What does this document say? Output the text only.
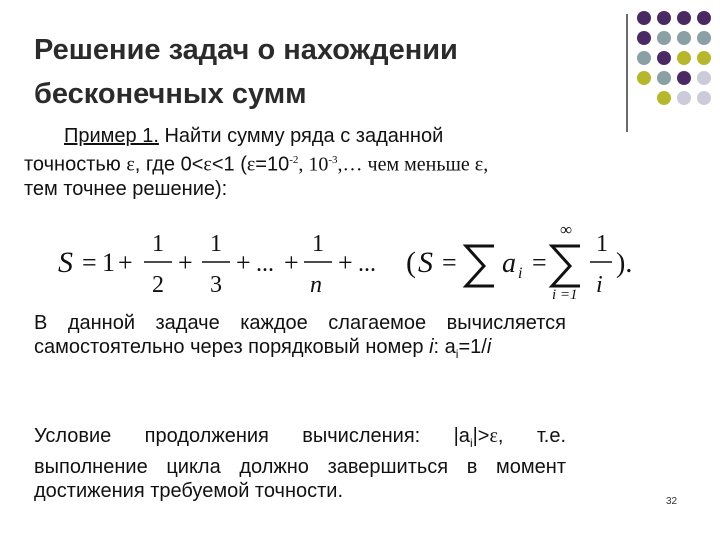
Решение задач о нахождении
бесконечных сумм
Пример 1. Найти сумму ряда с заданной
точностью ε, где 0<ε<1 ($\varepsilon=10^{-2}$, $10^{-3},\dots$ чем меньше ε,
тем точнее решение):
S = 1 +
1
2
+
1
3
+ ... +
1
n
+ ... ( S = a i =
∞
i =1
1
i
).
В данной задаче каждое слагаемое вычисляется самостоятельно через порядковый номер i: $a_i=1/i$
Условие продолжения вычисления: $|a_i|>\varepsilon$, т.е. выполнение цикла должно завершиться в момент достижения требуемой точности.	32
